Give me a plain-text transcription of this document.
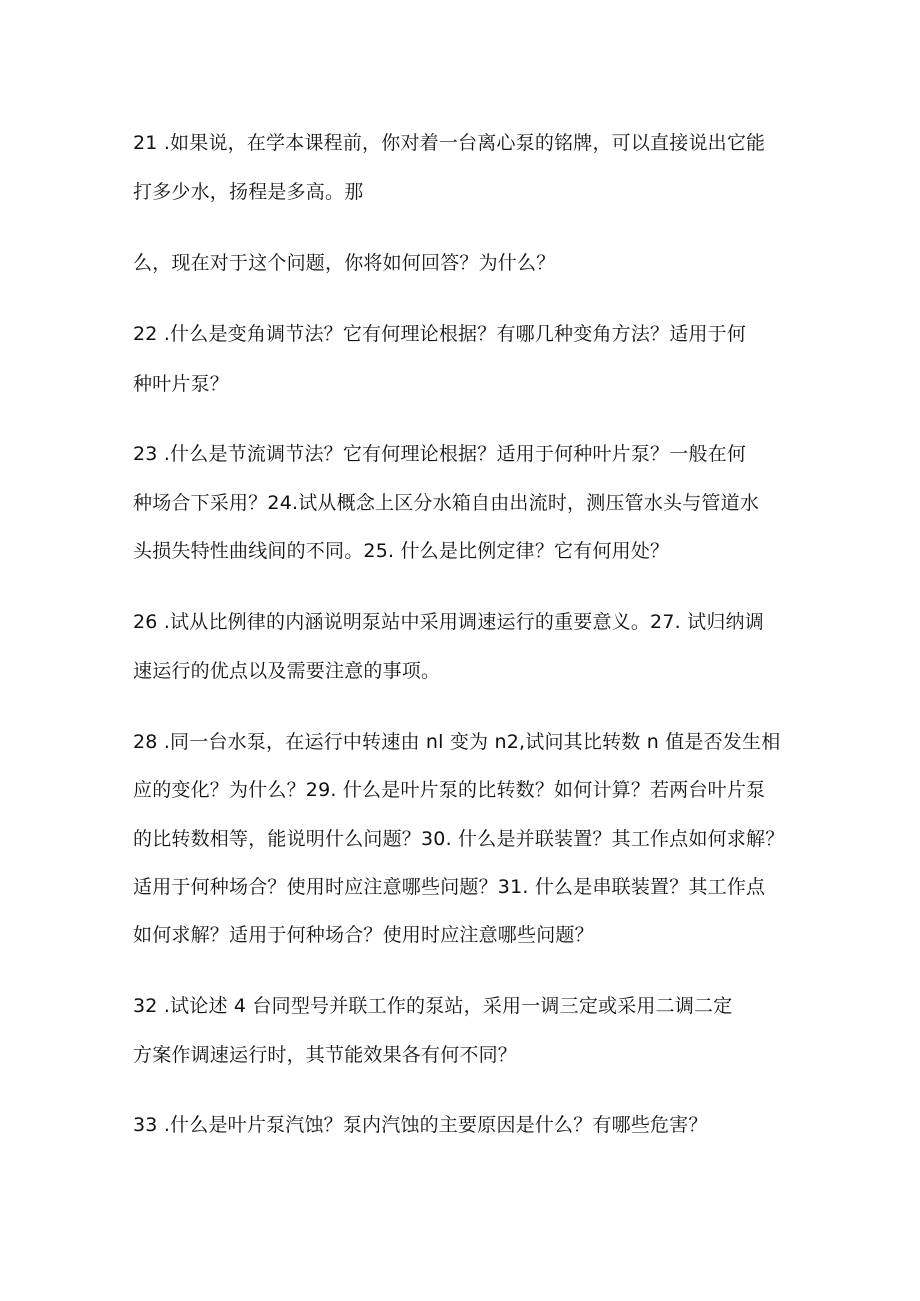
21 .如果说，在学本课程前，你对着一台离心泵的铭牌，可以直接说出它能
打多少水，扬程是多高。那
么，现在对于这个问题，你将如何回答？为什么？
22 .什么是变角调节法？它有何理论根据？有哪几种变角方法？适用于何
种叶片泵？
23 .什么是节流调节法？它有何理论根据？适用于何种叶片泵？一般在何
种场合下采用？24.试从概念上区分水箱自由出流时，测压管水头与管道水
头损失特性曲线间的不同。25. 什么是比例定律？它有何用处？
26 .试从比例律的内涵说明泵站中采用调速运行的重要意义。27. 试归纳调
速运行的优点以及需要注意的事项。
28 .同一台水泵，在运行中转速由 nl 变为 n2,试问其比转数 n 值是否发生相
应的变化？为什么？29. 什么是叶片泵的比转数？如何计算？若两台叶片泵
的比转数相等，能说明什么问题？30. 什么是并联装置？其工作点如何求解？
适用于何种场合？使用时应注意哪些问题？31. 什么是串联装置？其工作点
如何求解？适用于何种场合？使用时应注意哪些问题？
32 .试论述 4 台同型号并联工作的泵站，采用一调三定或采用二调二定
方案作调速运行时，其节能效果各有何不同？
33 .什么是叶片泵汽蚀？泵内汽蚀的主要原因是什么？有哪些危害？
